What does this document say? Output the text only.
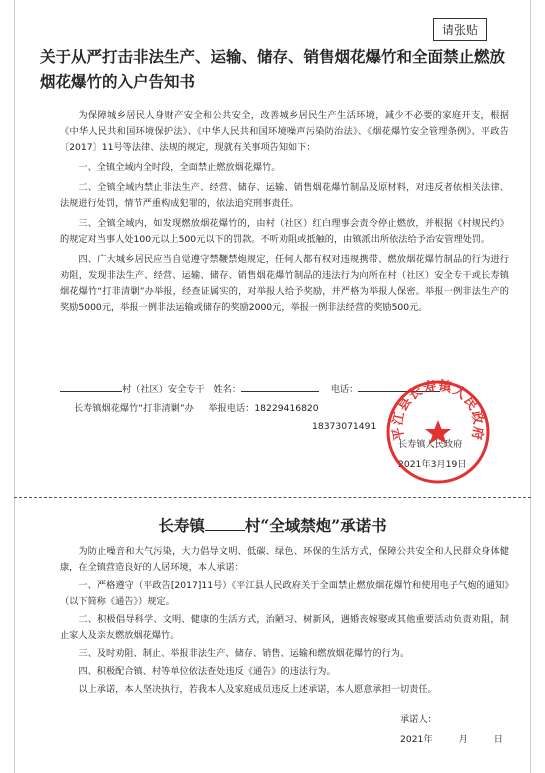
请张贴
关于从严打击非法生产、运输、储存、销售烟花爆竹和全面禁止燃放烟花爆竹的入户告知书

为保障城乡居民人身财产安全和公共安全，改善城乡居民生产生活环境，减少不必要的家庭开支，根据《中华人民共和国环境保护法》、《中华人民共和国环境噪声污染防治法》、《烟花爆竹安全管理条例》、平政告〔2017〕11号等法律、法规的规定，现就有关事项告知如下：

一、全镇全域内全时段，全面禁止燃放烟花爆竹。

二、全镇全域内禁止非法生产、经营、储存、运输、销售烟花爆竹制品及原材料，对违反者依相关法律、法规进行处罚，情节严重构成犯罪的，依法追究刑事责任。

三、全镇全域内，如发现燃放烟花爆竹的，由村（社区）红白理事会责令停止燃放，并根据《村规民约》的规定对当事人处100元以上500元以下的罚款。不听劝阻或抵触的，由镇派出所依法给予治安管理处罚。

四、广大城乡居民应当自觉遵守禁鞭禁炮规定，任何人都有权对违规携带、燃放烟花爆竹制品的行为进行劝阻，发现非法生产、经营、运输、储存、销售烟花爆竹制品的违法行为向所在村（社区）安全专干或长寿镇烟花爆竹“打非清剿”办举报，经查证属实的，对举报人给予奖励，并严格为举报人保密。举报一例非法生产的奖励5000元，举报一例非法运输或储存的奖励2000元，举报一例非法经营的奖励500元。

村（社区）安全专干 姓名：	电话：
长寿镇烟花爆竹“打非清剿”办 举报电话：18229416820
18373071491
长寿镇人民政府
2021年3月19日
平江县长寿镇人民政府
长寿镇	村“全域禁炮”承诺书

为防止噪音和大气污染，大力倡导文明、低碳、绿色、环保的生活方式，保障公共安全和人民群众身体健康，在全镇营造良好的人居环境，本人承诺：

一、严格遵守（平政告[2017]11号）《平江县人民政府关于全面禁止燃放烟花爆竹和使用电子气炮的通知》（以下简称《通告》）规定。

二、积极倡导科学、文明、健康的生活方式，治陋习、树新风，遇婚丧嫁娶或其他重要活动负责劝阻，制止家人及亲友燃放烟花爆竹。

三、及时劝阻、制止、举报非法生产、储存、销售、运输和燃放烟花爆竹的行为。

四、积极配合镇、村等单位依法查处违反《通告》的违法行为。

以上承诺，本人坚决执行，若我本人及家庭成员违反上述承诺，本人愿意承担一切责任。

承诺人：
2021年	月	日
